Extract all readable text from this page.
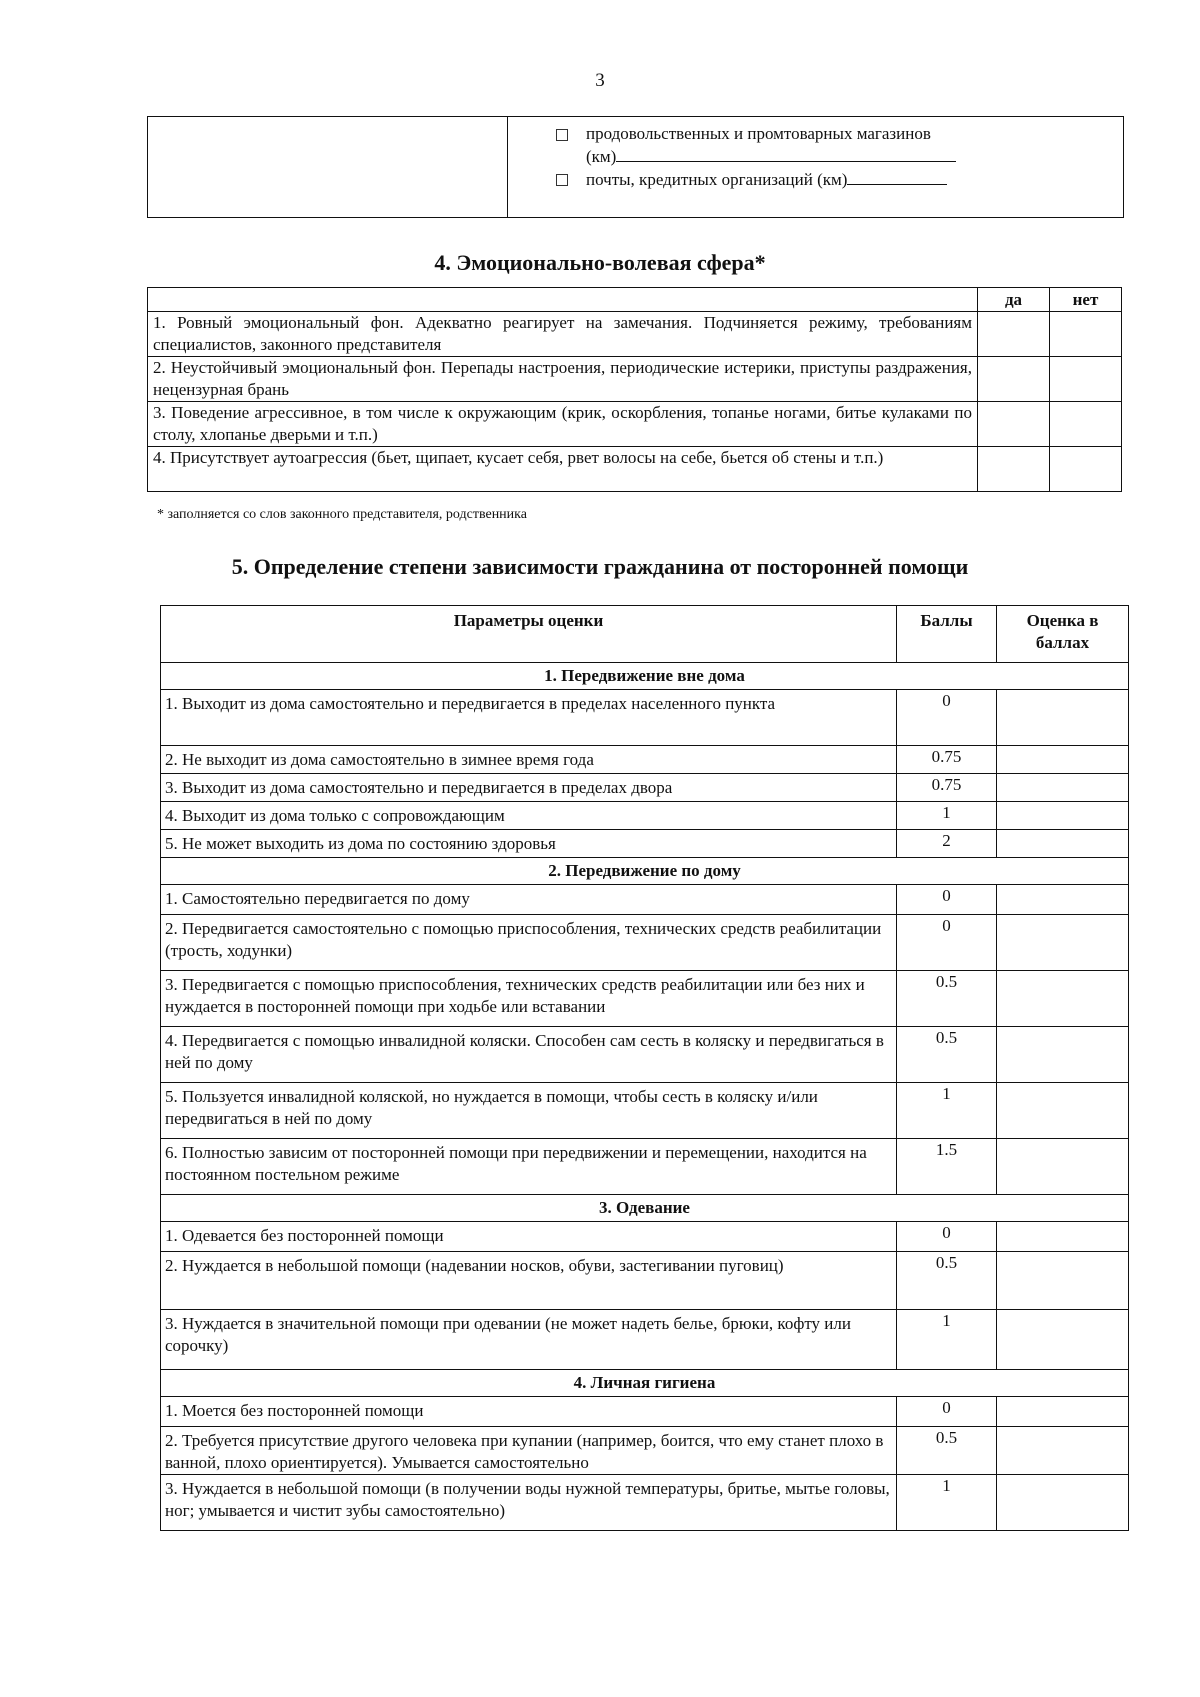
3

продовольственных и промтоварных магазинов
(км)
почты, кредитных организаций (км)
4. Эмоционально-волевая сфера*
	да	нет
1. Ровный эмоциональный фон. Адекватно реагирует на замечания. Подчиняется режиму, требованиям специалистов, законного представителя		
2. Неустойчивый эмоциональный фон. Перепады настроения, периодические истерики, приступы раздражения, нецензурная брань		
3. Поведение агрессивное, в том числе к окружающим (крик, оскорбления, топанье ногами, битье кулаками по столу, хлопанье дверьми и т.п.)		
4. Присутствует аутоагрессия (бьет, щипает, кусает себя, рвет волосы на себе, бьется об стены и т.п.)		
* заполняется со слов законного представителя, родственника
5. Определение степени зависимости гражданина от посторонней помощи
Параметры оценки	Баллы	Оценка в баллах
1. Передвижение вне дома		
1. Выходит из дома самостоятельно и передвигается в пределах населенного пункта	0	
2. Не выходит из дома самостоятельно в зимнее время года	0.75	
3. Выходит из дома самостоятельно и передвигается в пределах двора	0.75	
4. Выходит из дома только с сопровождающим	1	
5. Не может выходить из дома по состоянию здоровья	2	
2. Передвижение по дому		
1. Самостоятельно передвигается по дому	0	
2. Передвигается самостоятельно с помощью приспособления, технических средств реабилитации (трость, ходунки)	0	
3. Передвигается с помощью приспособления, технических средств реабилитации или без них и нуждается в посторонней помощи при ходьбе или вставании	0.5	
4. Передвигается с помощью инвалидной коляски. Способен сам сесть в коляску и передвигаться в ней по дому	0.5	
5. Пользуется инвалидной коляской, но нуждается в помощи, чтобы сесть в коляску и/или передвигаться в ней по дому	1	
6. Полностью зависим от посторонней помощи при передвижении и перемещении, находится на постоянном постельном режиме	1.5	
3. Одевание		
1. Одевается без посторонней помощи	0	
2. Нуждается в небольшой помощи (надевании носков, обуви, застегивании пуговиц)	0.5	
3. Нуждается в значительной помощи при одевании (не может надеть белье, брюки, кофту или сорочку)	1	
4. Личная гигиена		
1. Моется без посторонней помощи	0	
2. Требуется присутствие другого человека при купании (например, боится, что ему станет плохо в ванной, плохо ориентируется). Умывается самостоятельно	0.5	
3. Нуждается в небольшой помощи (в получении воды нужной температуры, бритье, мытье головы, ног; умывается и чистит зубы самостоятельно)	1	
